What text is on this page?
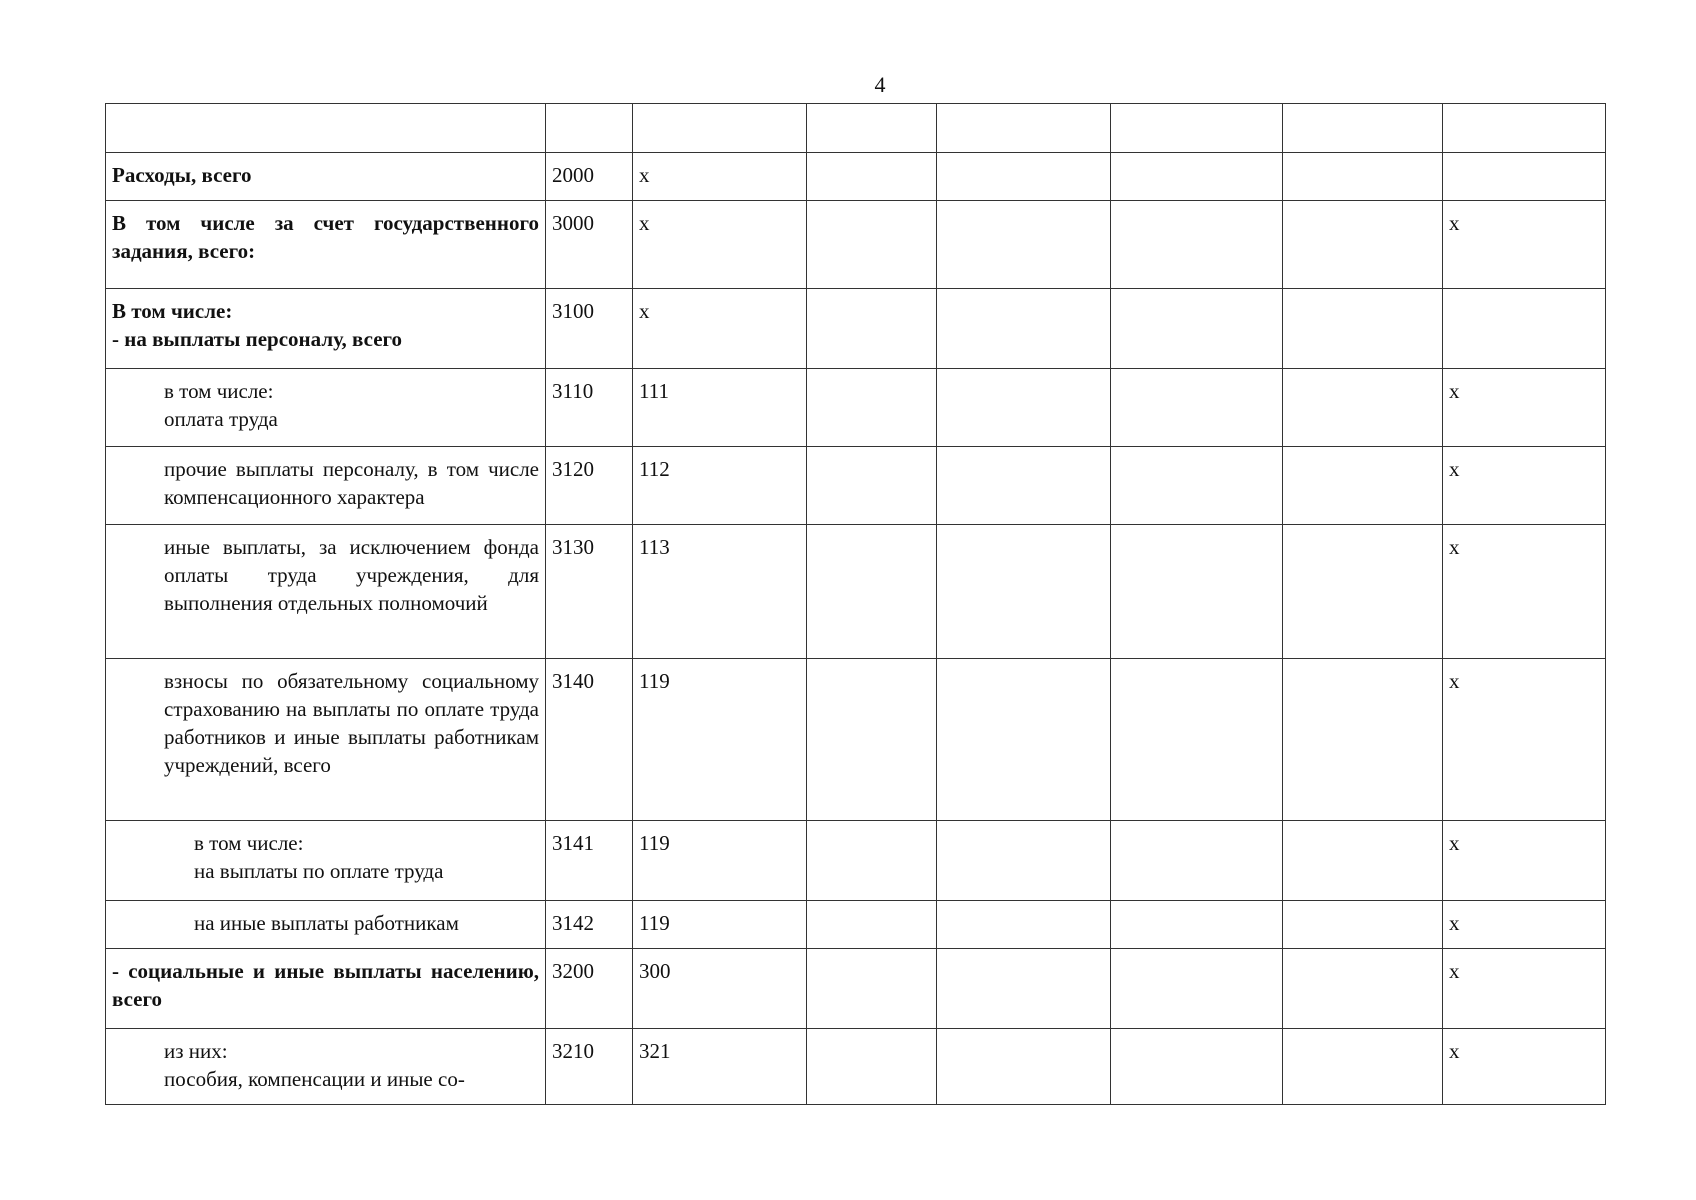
4

Расходы, всего	2000	x					
В том числе за счет государственного задания, всего:	3000	x					x
В том числе:
- на выплаты персоналу, всего	3100	x					
в том числе:
оплата труда	3110	111					x
прочие выплаты персоналу, в том числе компенсационного характера	3120	112					x
иные выплаты, за исключением фонда оплаты труда учреждения, для выполнения отдельных полномочий	3130	113					x
взносы по обязательному социальному страхованию на выплаты по оплате труда работников и иные выплаты работникам учреждений, всего	3140	119					x
в том числе:
на выплаты по оплате труда	3141	119					x
на иные выплаты работникам	3142	119					x
- социальные и иные выплаты населению, всего	3200	300					x
из них:
пособия, компенсации и иные со-	3210	321					x
